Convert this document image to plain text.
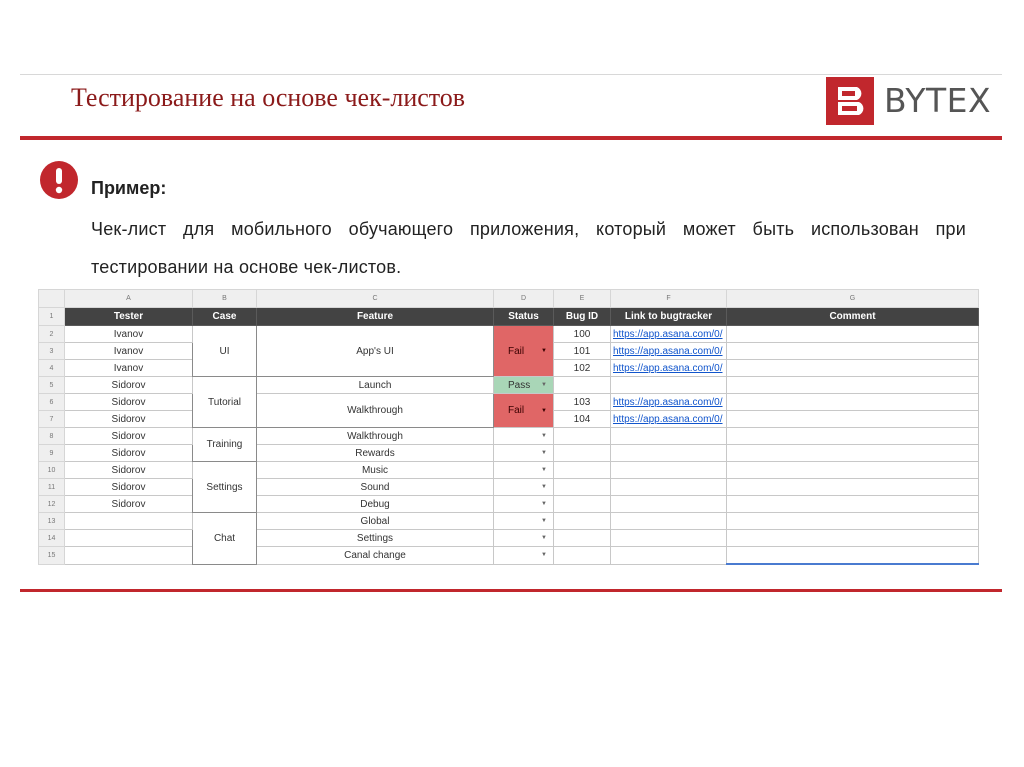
Тестирование на основе чек-листов	BYTEX
Пример:
Чек-лист для мобильного обучающего приложения, который может быть использован при тестировании на основе чек-листов.
	A	B	C	D	E	F	G
1	Tester	Case	Feature	Status	Bug ID	Link to bugtracker	Comment
2	Ivanov	UI	App's UI	Fail ▼	100	https://app.asana.com/0/	
3	Ivanov				101	https://app.asana.com/0/	
4	Ivanov				102	https://app.asana.com/0/	
5	Sidorov	Tutorial	Launch	Pass ▼			

6	Sidorov		Walkthrough	Fail ▼	103	https://app.asana.com/0/	
7	Sidorov				104	https://app.asana.com/0/	
8	Sidorov	Training	Walkthrough	▼			

9	Sidorov		Rewards	▼			

10	Sidorov	Settings	Music	▼			

11	Sidorov		Sound	▼			

12	Sidorov		Debug	▼			

13		Chat	Global	▼			

14			Settings	▼			

15			Canal change	▼			
